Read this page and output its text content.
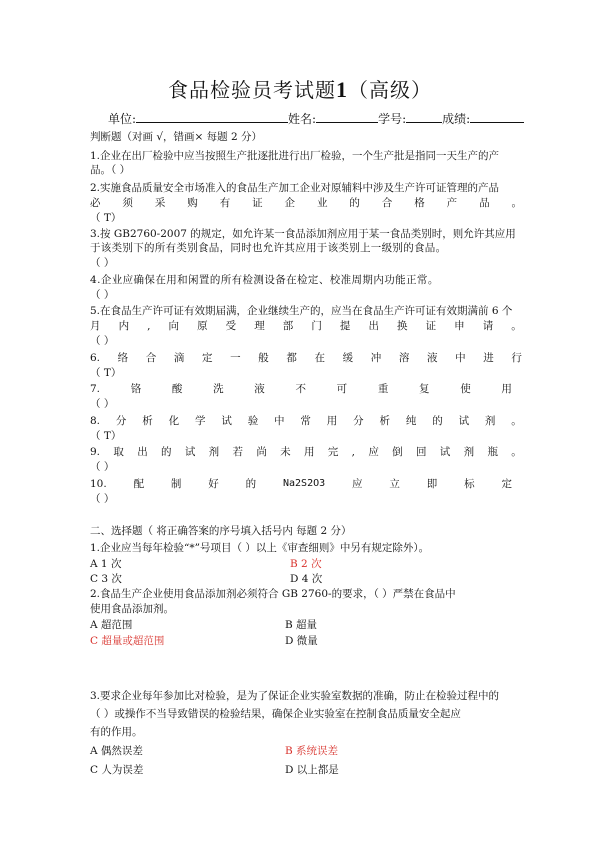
食品检验员考试题1（高级）
单位:	姓名:	学号:	成绩:
判断题（对画 √，错画× 每题 2 分）
1.企业在出厂检验中应当按照生产批逐批进行出厂检验，一个生产批是指同一天生产的产
品。（ ）
2.实施食品质量安全市场准入的食品生产加工企业对原辅料中涉及生产许可证管理的产品
必 须 采 购 有 证 企 业 的 合 格 产 品 。
（ T）
3.按 GB2760-2007 的规定，如允许某一食品添加剂应用于某一食品类别时，则允许其应用
于该类别下的所有类别食品，同时也允许其应用于该类别上一级别的食品。
（ ）
4.企业应确保在用和闲置的所有检测设备在检定、校准周期内功能正常。
（ ）
5.在食品生产许可证有效期届满，企业继续生产的，应当在食品生产许可证有效期满前 6 个
月 内 , 向 原 受 理 部 门 提 出 换 证 申 请 。
（ ）
6. 络 合 滴 定 一 般 都 在 缓 冲 溶 液 中 进 行
（ T）
7.	铬	酸	洗	液	不	可	重	复	使	用
（ ）
8. 分 析 化 学 试 验 中 常 用 分 析 纯 的 试 剂 。
（ T）
9. 取 出 的 试 剂 若 尚 未 用 完 , 应 倒 回 试 剂 瓶 。
（ ）
10.	配	制	好	的	Na2S2O3	应	立	即	标	定
（ ）
二、选择题（ 将正确答案的序号填入括号内 每题 2 分）
1.企业应当每年检验“*”号项目（ ）以上《审查细则》中另有规定除外）。
A 1 次	B 2 次
C 3 次	D 4 次
2.食品生产企业使用食品添加剂必须符合 GB 2760-的要求，（ ）严禁在食品中
使用食品添加剂。
A 超范围	B 超量
C 超量或超范围	D 微量
3.要求企业每年参加比对检验，是为了保证企业实验室数据的准确，防止在检验过程中的
（ ）或操作不当导致错误的检验结果，确保企业实验室在控制食品质量安全起应
有的作用。
A 偶然误差	B 系统误差
C 人为误差	D 以上都是
